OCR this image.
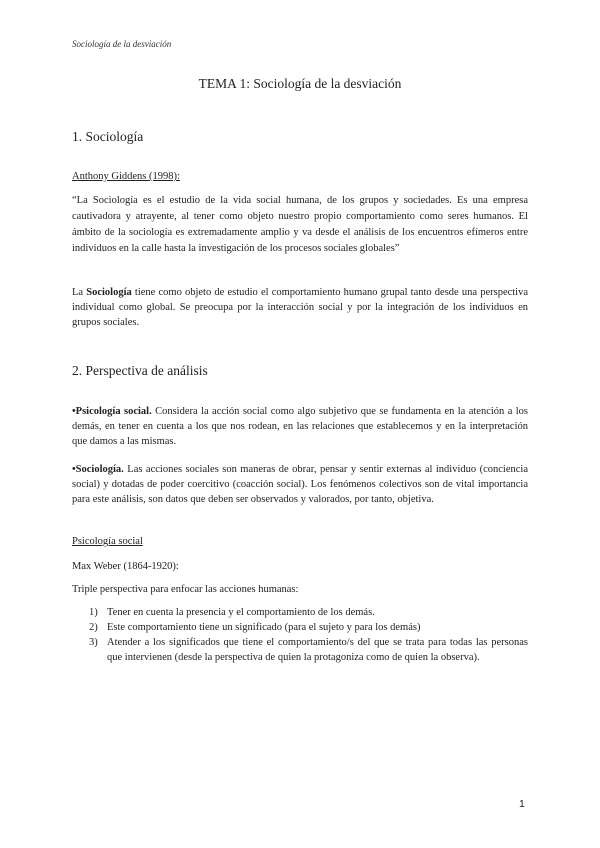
Sociología de la desviación
TEMA 1: Sociología de la desviación
1. Sociología
Anthony Giddens (1998):
“La Sociología es el estudio de la vida social humana, de los grupos y sociedades. Es una empresa cautivadora y atrayente, al tener como objeto nuestro propio comportamiento como seres humanos. El ámbito de la sociología es extremadamente amplio y va desde el análisis de los encuentros efímeros entre individuos en la calle hasta la investigación de los procesos sociales globales”
La Sociología tiene como objeto de estudio el comportamiento humano grupal tanto desde una perspectiva individual como global. Se preocupa por la interacción social y por la integración de los individuos en grupos sociales.
2. Perspectiva de análisis
•Psicología social. Considera la acción social como algo subjetivo que se fundamenta en la atención a los demás, en tener en cuenta a los que nos rodean, en las relaciones que establecemos y en la interpretación que damos a las mismas.
•Sociología. Las acciones sociales son maneras de obrar, pensar y sentir externas al individuo (conciencia social) y dotadas de poder coercitivo (coacción social). Los fenómenos colectivos son de vital importancia para este análisis, son datos que deben ser observados y valorados, por tanto, objetiva.
Psicología social
Max Weber (1864-1920):
Triple perspectiva para enfocar las acciones humanas:
1) Tener en cuenta la presencia y el comportamiento de los demás.
2) Este comportamiento tiene un significado (para el sujeto y para los demás)
3) Atender a los significados que tiene el comportamiento/s del que se trata para todas las personas que intervienen (desde la perspectiva de quien la protagoniza como de quien la observa).
1
